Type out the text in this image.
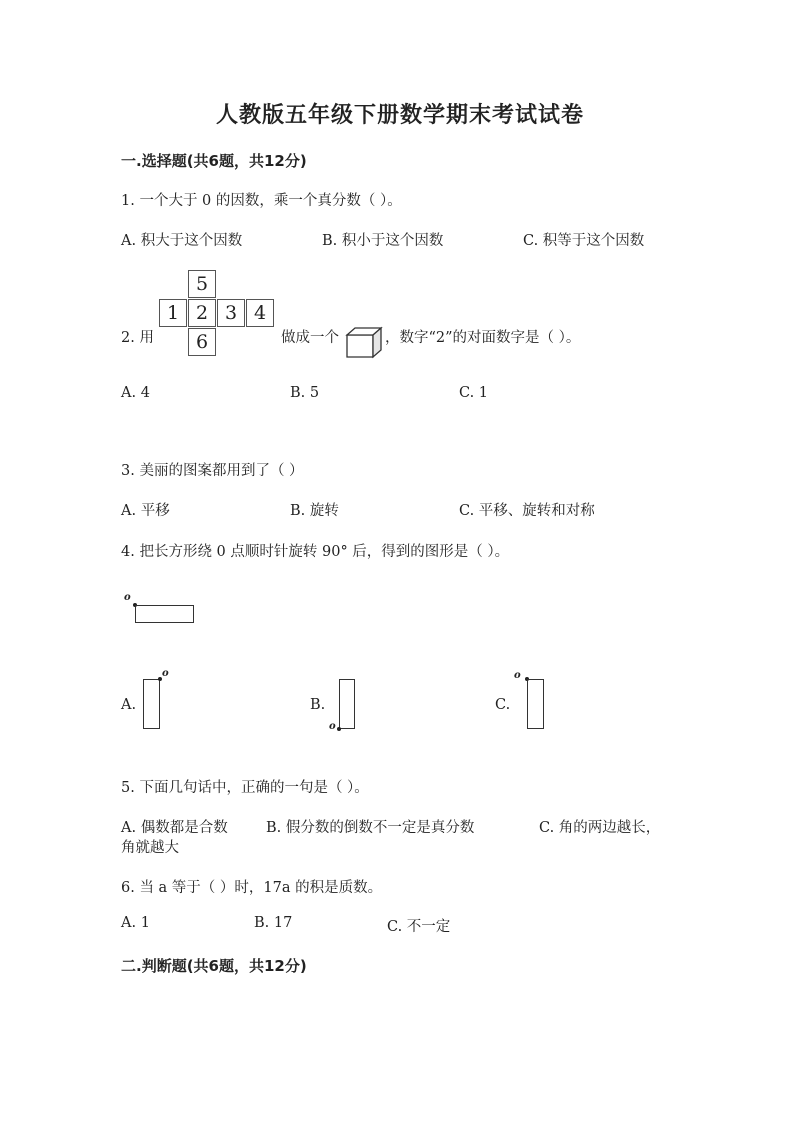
人教版五年级下册数学期末考试试卷
一.选择题(共6题，共12分)
1. 一个大于 0 的因数，乘一个真分数（ ）。
A. 积大于这个因数	B. 积小于这个因数	C. 积等于这个因数
2. 用
5
1 2 3 4
6	做成一个	，数字“2”的对面数字是（ ）。
A. 4	B. 5	C. 1
3. 美丽的图案都用到了（ ）
A. 平移	B. 旋转	C. 平移、旋转和对称
4. 把长方形绕 0 点顺时针旋转 90° 后，得到的图形是（ ）。
o
A.
o
B.
o
C.
o
5. 下面几句话中，正确的一句是（ ）。
A. 偶数都是合数	B. 假分数的倒数不一定是真分数	C. 角的两边越长，
角就越大
6. 当 a 等于（ ）时，17a 的积是质数。
A. 1	B. 17	C. 不一定
二.判断题(共6题，共12分)
